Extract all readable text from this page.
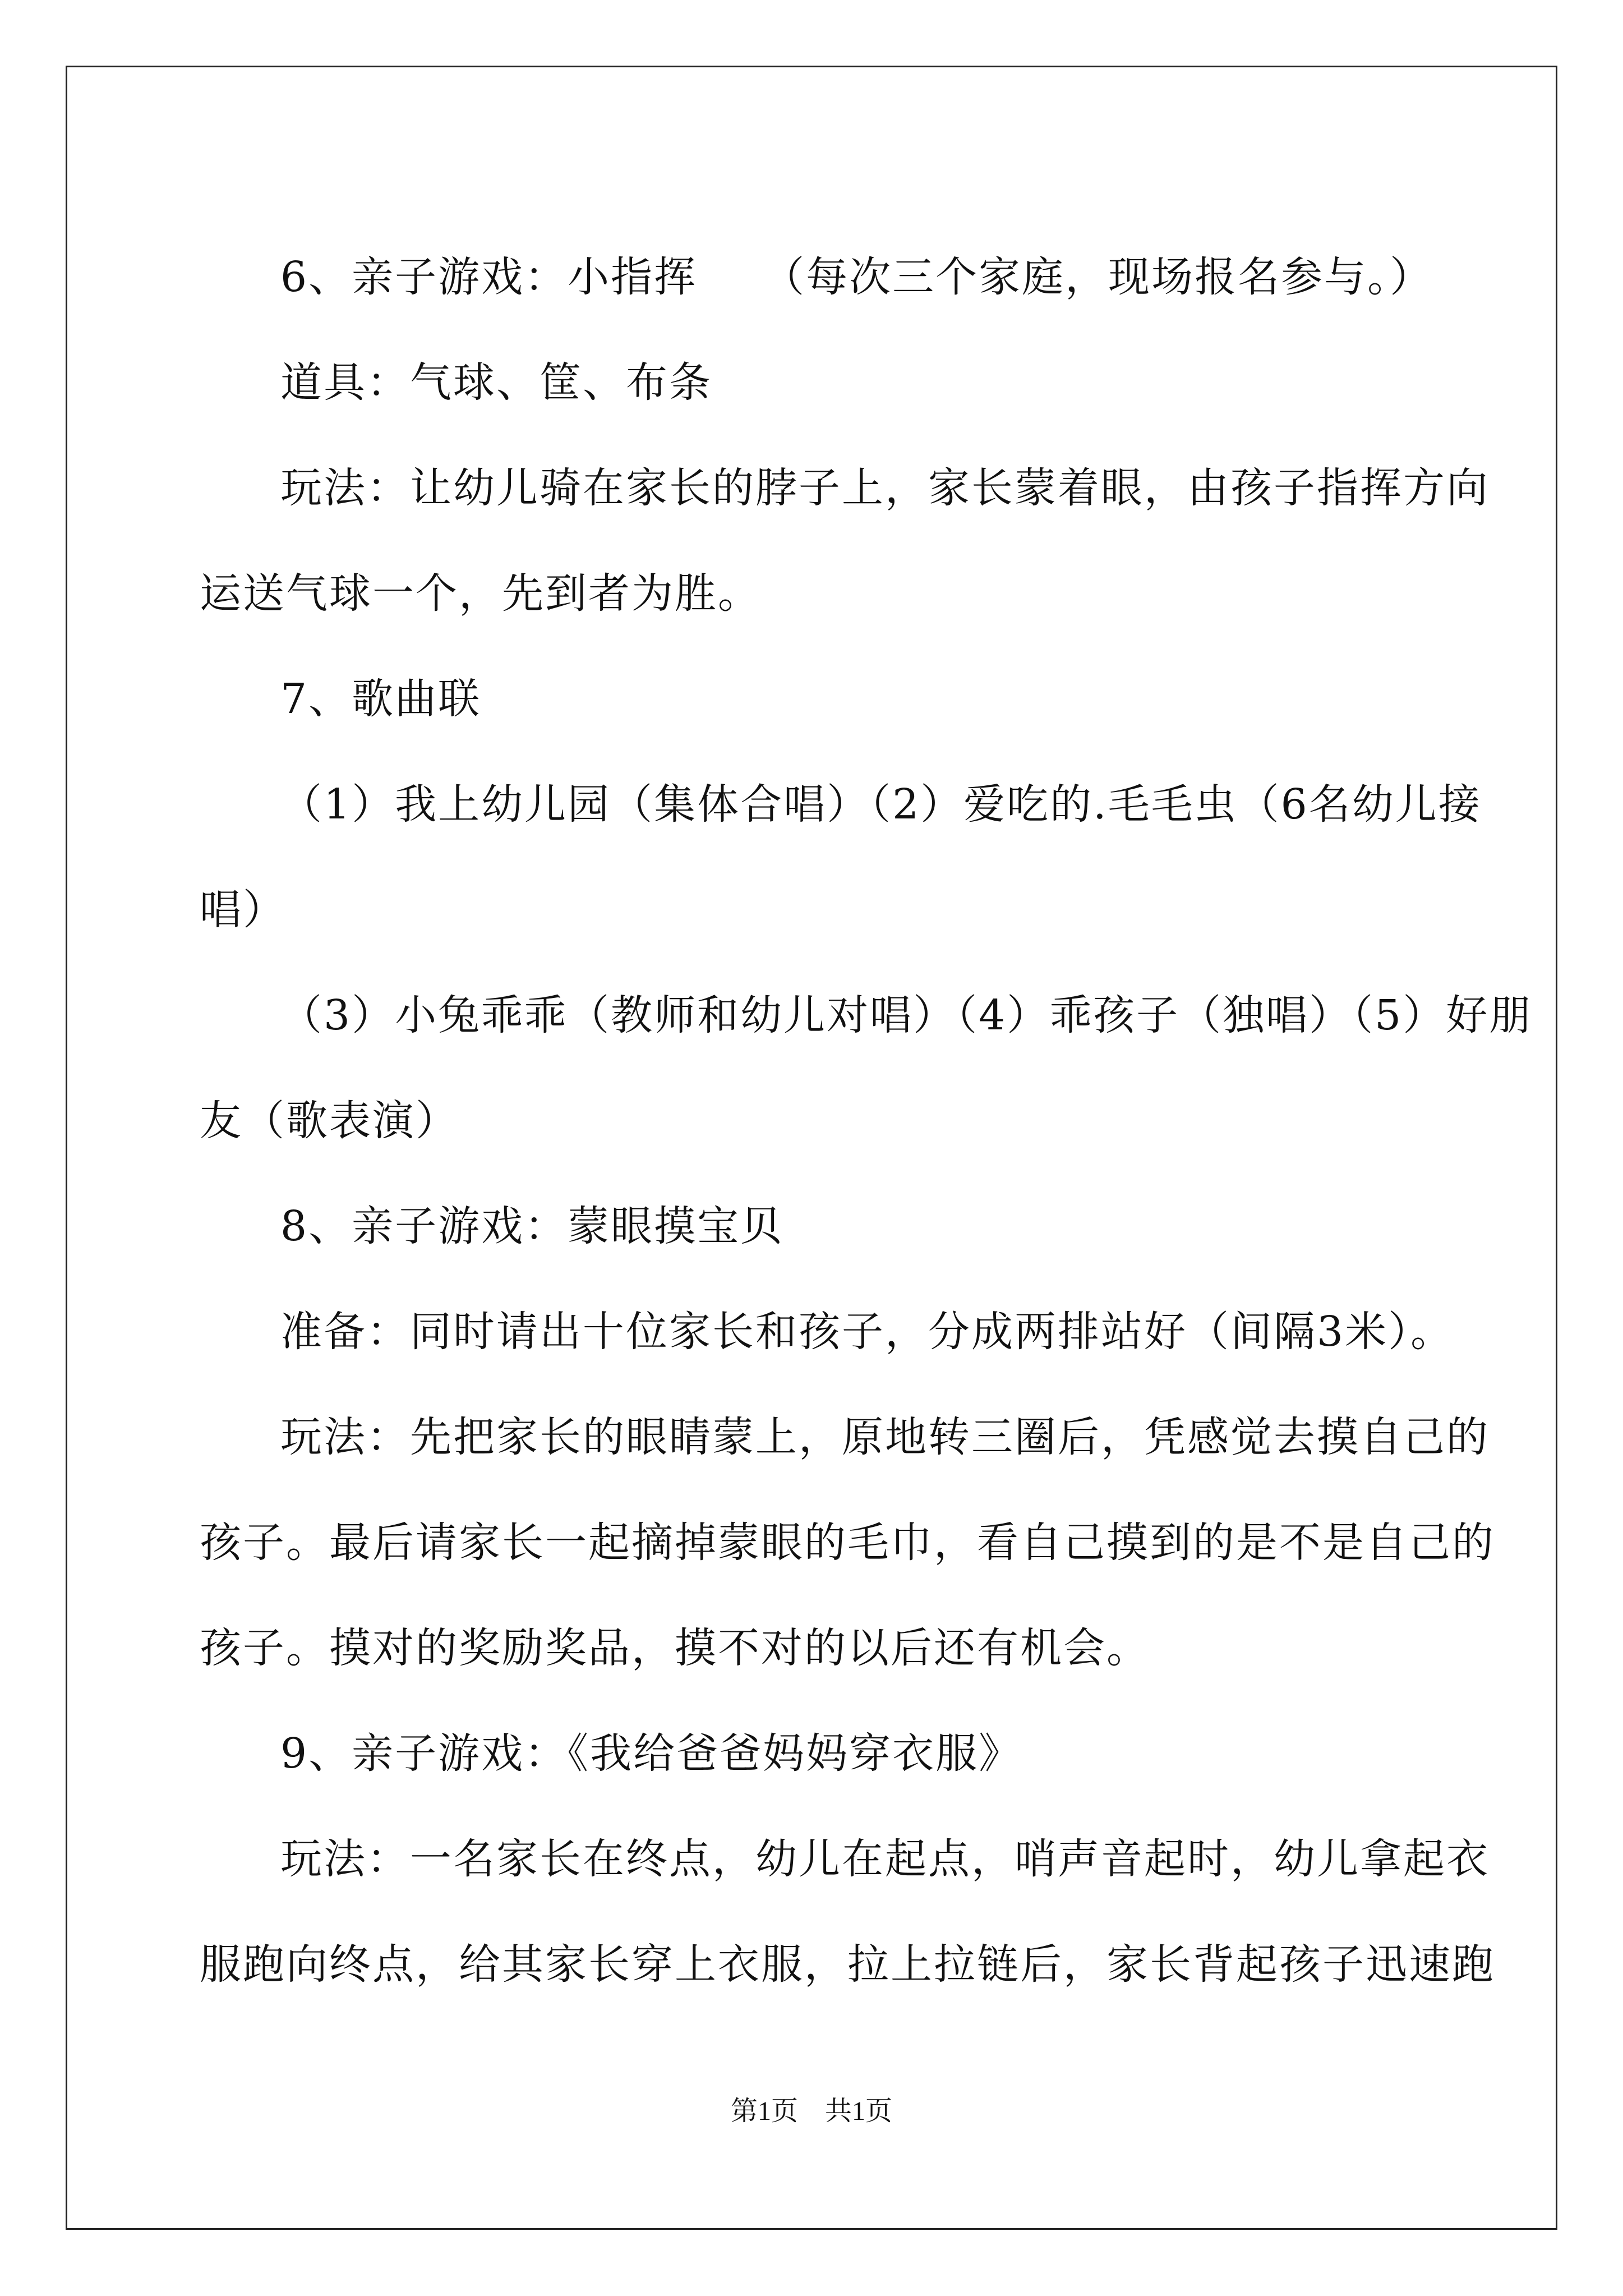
6、亲子游戏：小指挥　　（每次三个家庭，现场报名参与。）

道具：气球、筐、布条

玩法：让幼儿骑在家长的脖子上，家长蒙着眼，由孩子指挥方向
运送气球一个，先到者为胜。

7、歌曲联

（1）我上幼儿园（集体合唱）（2）爱吃的.毛毛虫（6名幼儿接
唱）

（3）小兔乖乖（教师和幼儿对唱）（4）乖孩子（独唱）（5）好朋
友（歌表演）

8、亲子游戏：蒙眼摸宝贝

准备：同时请出十位家长和孩子，分成两排站好（间隔3米）。

玩法：先把家长的眼睛蒙上，原地转三圈后，凭感觉去摸自己的
孩子。最后请家长一起摘掉蒙眼的毛巾，看自己摸到的是不是自己的
孩子。摸对的奖励奖品，摸不对的以后还有机会。

9、亲子游戏：《我给爸爸妈妈穿衣服》

玩法：一名家长在终点，幼儿在起点，哨声音起时，幼儿拿起衣
服跑向终点，给其家长穿上衣服，拉上拉链后，家长背起孩子迅速跑

第1页　共1页
